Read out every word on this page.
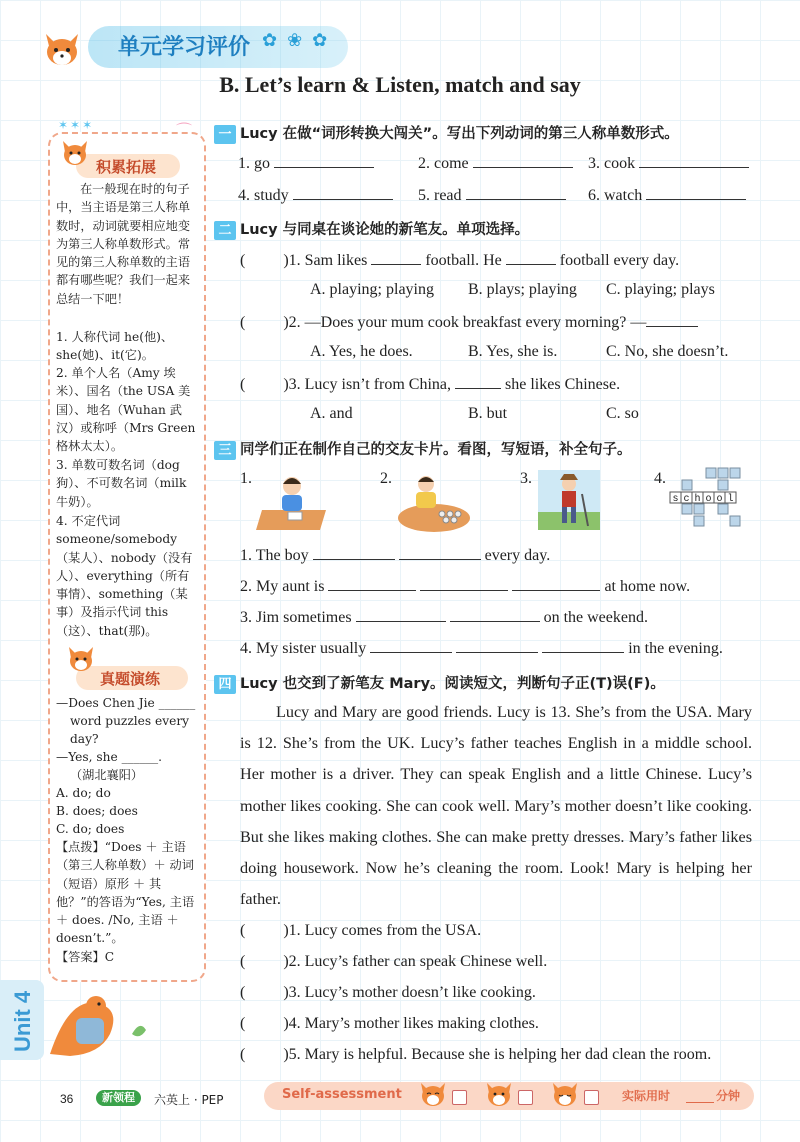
单元学习评价 ✿❀✿
B. Let’s learn & Listen, match and say
积累拓展
在一般现在时的句子中，当主语是第三人称单数时，动词就要相应地变为第三人称单数形式。常见的第三人称单数的主语都有哪些呢？我们一起来总结一下吧！
1. 人称代词 he(他)、she(她)、it(它)。
2. 单个人名（Amy 埃米）、国名（the USA 美国）、地名（Wuhan 武汉）或称呼（Mrs Green 格林太太）。
3. 单数可数名词（dog 狗）、不可数名词（milk 牛奶）。
4. 不定代词 someone/somebody（某人）、nobody（没有人）、everything（所有事情）、something（某事）及指示代词 this（这）、that(那)。
真题演练
—Does Chen Jie ______
word puzzles every day?
—Yes, she ______.
（湖北襄阳）
A. do; do
B. does; does
C. do; does
【点拨】“Does ＋ 主语（第三人称单数）＋ 动词（短语）原形 ＋ 其他？”的答语为“Yes, 主语 ＋ does. /No, 主语 ＋ doesn’t.”。
【答案】C
✶✶✶	⌒
Unit 4
一 Lucy 在做“词形转换大闯关”。写出下列动词的第三人称单数形式。
1. go	2. come	3. cook
4. study	5. read	6. watch
二 Lucy 与同桌在谈论她的新笔友。单项选择。
( )1. Sam likes	football. He	football every day.
A. playing; playing B. plays; playing C. playing; plays
( )2. —Does your mum cook breakfast every morning? —
A. Yes, he does.	B. Yes, she is.	C. No, she doesn’t.
( )3. Lucy isn’t from China,	she likes Chinese.
A. and	B. but	C. so
三 同学们正在制作自己的交友卡片。看图，写短语，补全句子。
1.	2.	3.	4.
s c h o o l
1. The boy	every day.
2. My aunt is	at home now.
3. Jim sometimes	on the weekend.
4. My sister usually	in the evening.
四 Lucy 也交到了新笔友 Mary。阅读短文，判断句子正(T)误(F)。
Lucy and Mary are good friends. Lucy is 13. She’s from the USA. Mary is 12. She’s from the UK. Lucy’s father teaches English in a middle school. Her mother is a driver. They can speak English and a little Chinese. Lucy’s mother likes cooking. She can cook well. Mary’s mother doesn’t like cooking. But she likes making clothes. She can make pretty dresses. Mary’s father likes doing housework. Now he’s cleaning the room. Look! Mary is helping her father.
( )1. Lucy comes from the USA.
( )2. Lucy’s father can speak Chinese well.
( )3. Lucy’s mother doesn’t like cooking.
( )4. Mary’s mother likes making clothes.
( )5. Mary is helpful. Because she is helping her dad clean the room.
36	新领程	六英上 · PEP	Self-assessment	实际用时	分钟
